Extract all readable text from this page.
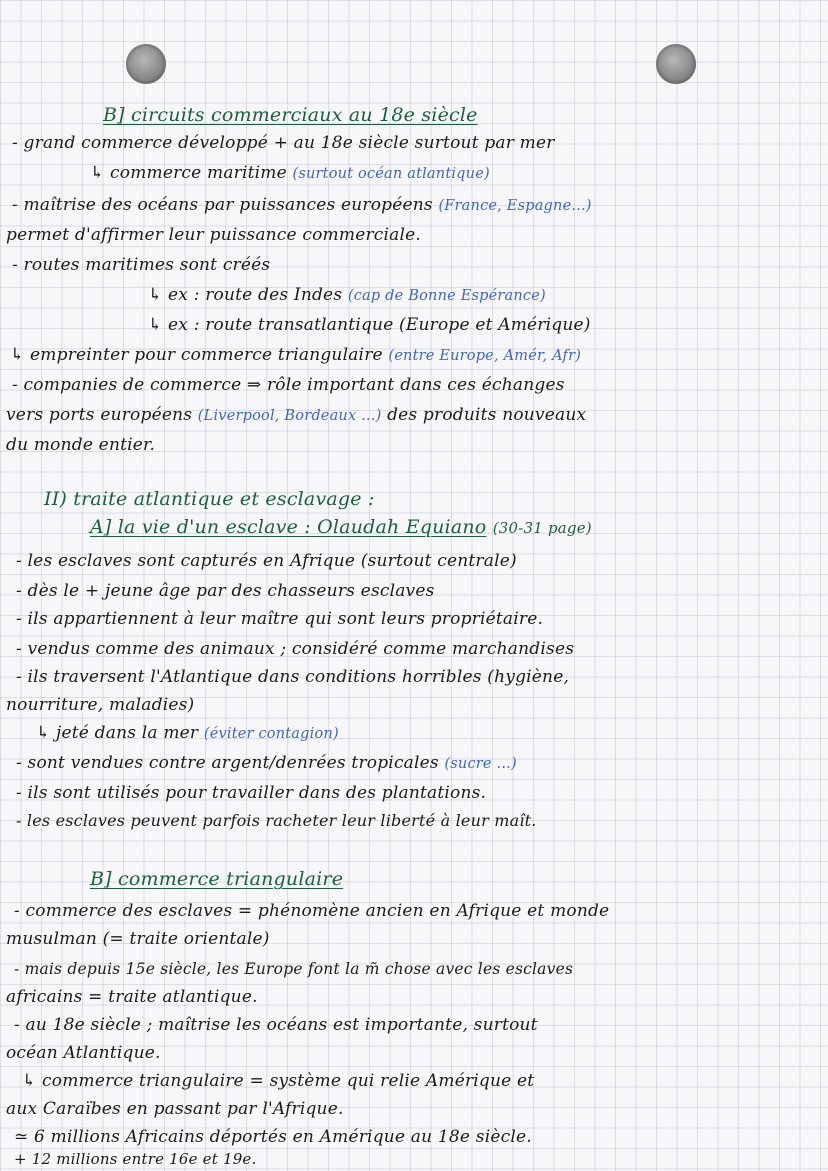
B] circuits commerciaux au 18e siècle
- grand commerce développé + au 18e siècle surtout par mer
↳ commerce maritime (surtout océan atlantique)
- maîtrise des océans par puissances européens (France, Espagne...)
permet d'affirmer leur puissance commerciale.
- routes maritimes sont créés
↳ ex : route des Indes (cap de Bonne Espérance)
↳ ex : route transatlantique (Europe et Amérique)
↳ empreinter pour commerce triangulaire (entre Europe, Amér, Afr)
- companies de commerce ⇒ rôle important dans ces échanges
vers ports européens (Liverpool, Bordeaux ...) des produits nouveaux
du monde entier.
II) traite atlantique et esclavage :
A] la vie d'un esclave : Olaudah Equiano (30-31 page)
- les esclaves sont capturés en Afrique (surtout centrale)
- dès le + jeune âge par des chasseurs esclaves
- ils appartiennent à leur maître qui sont leurs propriétaire.
- vendus comme des animaux ; considéré comme marchandises
- ils traversent l'Atlantique dans conditions horribles (hygiène,
nourriture, maladies)
↳ jeté dans la mer (éviter contagion)
- sont vendues contre argent/denrées tropicales (sucre ...)
- ils sont utilisés pour travailler dans des plantations.
- les esclaves peuvent parfois racheter leur liberté à leur maît.
B] commerce triangulaire
- commerce des esclaves = phénomène ancien en Afrique et monde
musulman (= traite orientale)
- mais depuis 15e siècle, les Europe font la m̃ chose avec les esclaves
africains = traite atlantique.
- au 18e siècle ; maîtrise les océans est importante, surtout
océan Atlantique.
↳ commerce triangulaire = système qui relie Amérique et
aux Caraïbes en passant par l'Afrique.
≃ 6 millions Africains déportés en Amérique au 18e siècle.
+ 12 millions entre 16e et 19e.
